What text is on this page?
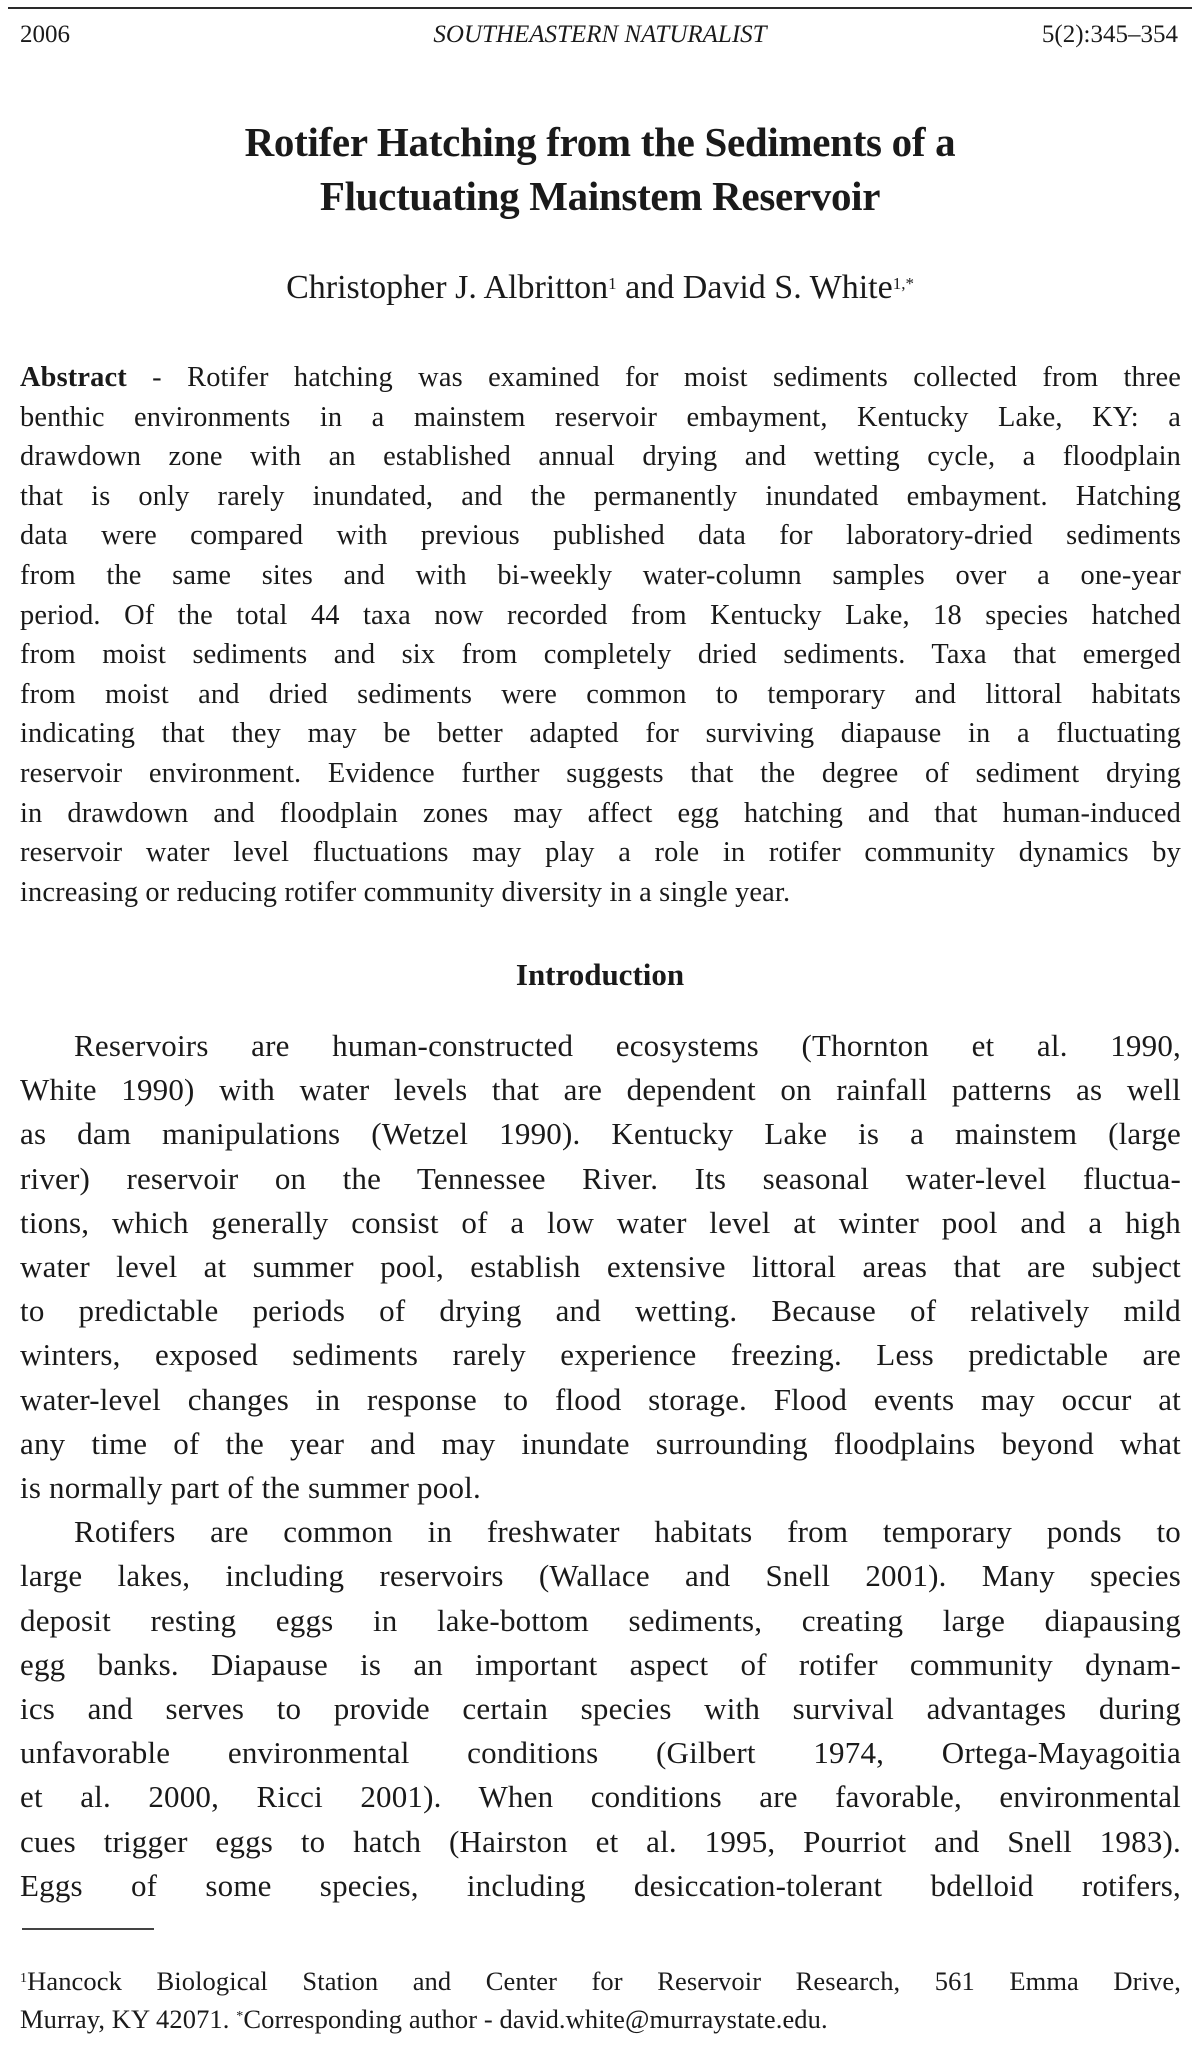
SOUTHEASTERN NATURALIST
2006	5(2):345–354
Rotifer Hatching from the Sediments of a
Fluctuating Mainstem Reservoir
Christopher J. Albritton$^1$ and David S. White$^{1,*}$
Abstract - Rotifer hatching was examined for moist sediments collected from three
benthic environments in a mainstem reservoir embayment, Kentucky Lake, KY: a
drawdown zone with an established annual drying and wetting cycle, a floodplain
that is only rarely inundated, and the permanently inundated embayment. Hatching
data were compared with previous published data for laboratory-dried sediments
from the same sites and with bi-weekly water-column samples over a one-year
period. Of the total 44 taxa now recorded from Kentucky Lake, 18 species hatched
from moist sediments and six from completely dried sediments. Taxa that emerged
from moist and dried sediments were common to temporary and littoral habitats
indicating that they may be better adapted for surviving diapause in a fluctuating
reservoir environment. Evidence further suggests that the degree of sediment drying
in drawdown and floodplain zones may affect egg hatching and that human-induced
reservoir water level fluctuations may play a role in rotifer community dynamics by
increasing or reducing rotifer community diversity in a single year.
Introduction
Reservoirs are human-constructed ecosystems (Thornton et al. 1990,
White 1990) with water levels that are dependent on rainfall patterns as well
as dam manipulations (Wetzel 1990). Kentucky Lake is a mainstem (large
river) reservoir on the Tennessee River. Its seasonal water-level fluctua-
tions, which generally consist of a low water level at winter pool and a high
water level at summer pool, establish extensive littoral areas that are subject
to predictable periods of drying and wetting. Because of relatively mild
winters, exposed sediments rarely experience freezing. Less predictable are
water-level changes in response to flood storage. Flood events may occur at
any time of the year and may inundate surrounding floodplains beyond what
is normally part of the summer pool.
Rotifers are common in freshwater habitats from temporary ponds to
large lakes, including reservoirs (Wallace and Snell 2001). Many species
deposit resting eggs in lake-bottom sediments, creating large diapausing
egg banks. Diapause is an important aspect of rotifer community dynam-
ics and serves to provide certain species with survival advantages during
unfavorable environmental conditions (Gilbert 1974, Ortega-Mayagoitia
et al. 2000, Ricci 2001). When conditions are favorable, environmental
cues trigger eggs to hatch (Hairston et al. 1995, Pourriot and Snell 1983).
Eggs of some species, including desiccation-tolerant bdelloid rotifers,
$^1$Hancock Biological Station and Center for Reservoir Research, 561 Emma Drive,
Murray, KY 42071. *Corresponding author - david.white@murraystate.edu.
